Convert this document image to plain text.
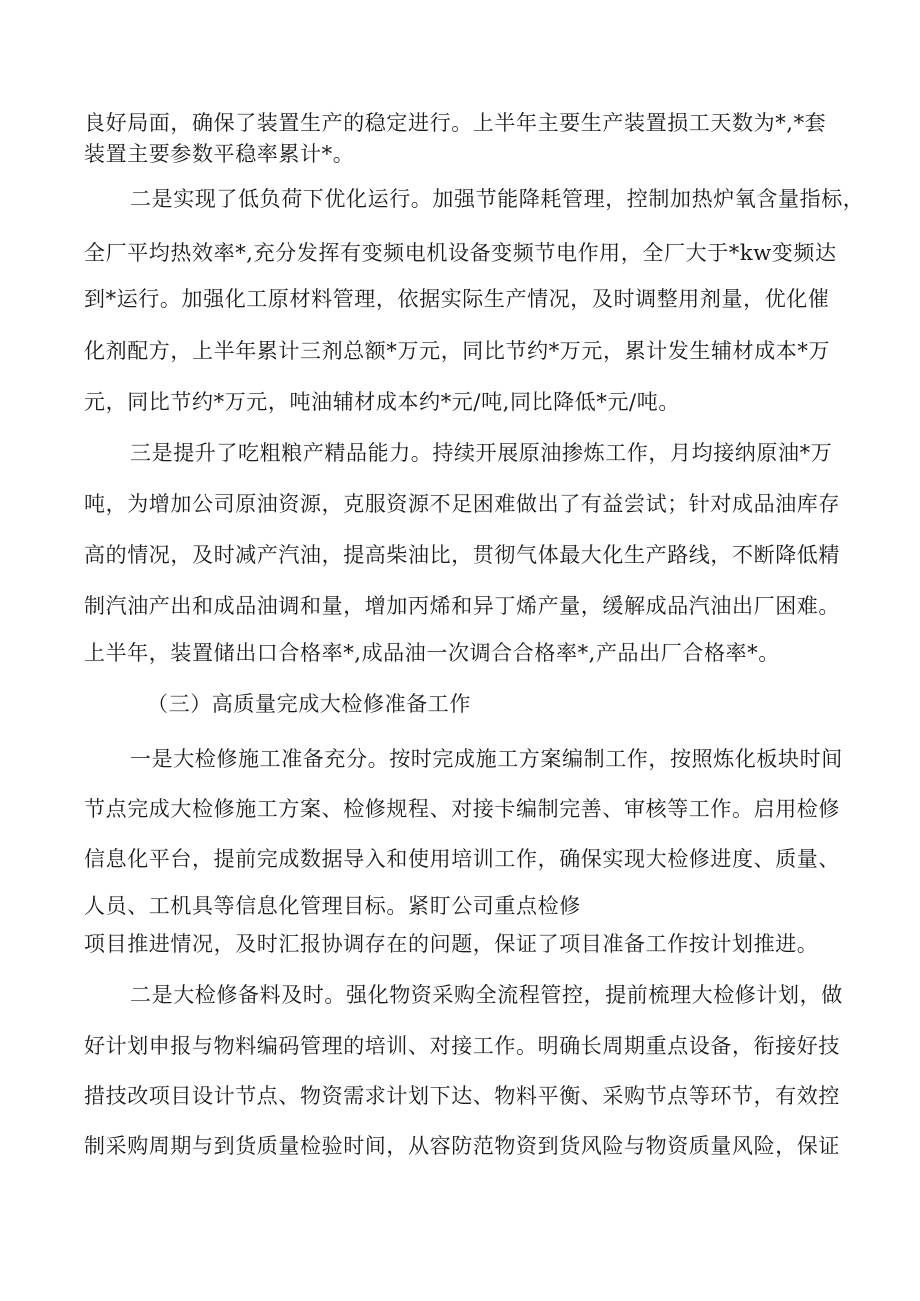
良好局面，确保了装置生产的稳定进行。上半年主要生产装置损工天数为*,*套
装置主要参数平稳率累计*。
二是实现了低负荷下优化运行。加强节能降耗管理，控制加热炉氧含量指标，
全厂平均热效率*,充分发挥有变频电机设备变频节电作用，全厂大于*kw变频达
到*运行。加强化工原材料管理，依据实际生产情况，及时调整用剂量，优化催
化剂配方，上半年累计三剂总额*万元，同比节约*万元，累计发生辅材成本*万
元，同比节约*万元，吨油辅材成本约*元/吨,同比降低*元/吨。
三是提升了吃粗粮产精品能力。持续开展原油掺炼工作，月均接纳原油*万
吨，为增加公司原油资源，克服资源不足困难做出了有益尝试；针对成品油库存
高的情况，及时减产汽油，提高柴油比，贯彻气体最大化生产路线，不断降低精
制汽油产出和成品油调和量，增加丙烯和异丁烯产量，缓解成品汽油出厂困难。
上半年，装置储出口合格率*,成品油一次调合合格率*,产品出厂合格率*。
（三）高质量完成大检修准备工作
一是大检修施工准备充分。按时完成施工方案编制工作，按照炼化板块时间
节点完成大检修施工方案、检修规程、对接卡编制完善、审核等工作。启用检修
信息化平台，提前完成数据导入和使用培训工作，确保实现大检修进度、质量、
人员、工机具等信息化管理目标。紧盯公司重点检修
项目推进情况，及时汇报协调存在的问题，保证了项目准备工作按计划推进。
二是大检修备料及时。强化物资采购全流程管控，提前梳理大检修计划，做
好计划申报与物料编码管理的培训、对接工作。明确长周期重点设备，衔接好技
措技改项目设计节点、物资需求计划下达、物料平衡、采购节点等环节，有效控
制采购周期与到货质量检验时间，从容防范物资到货风险与物资质量风险，保证
